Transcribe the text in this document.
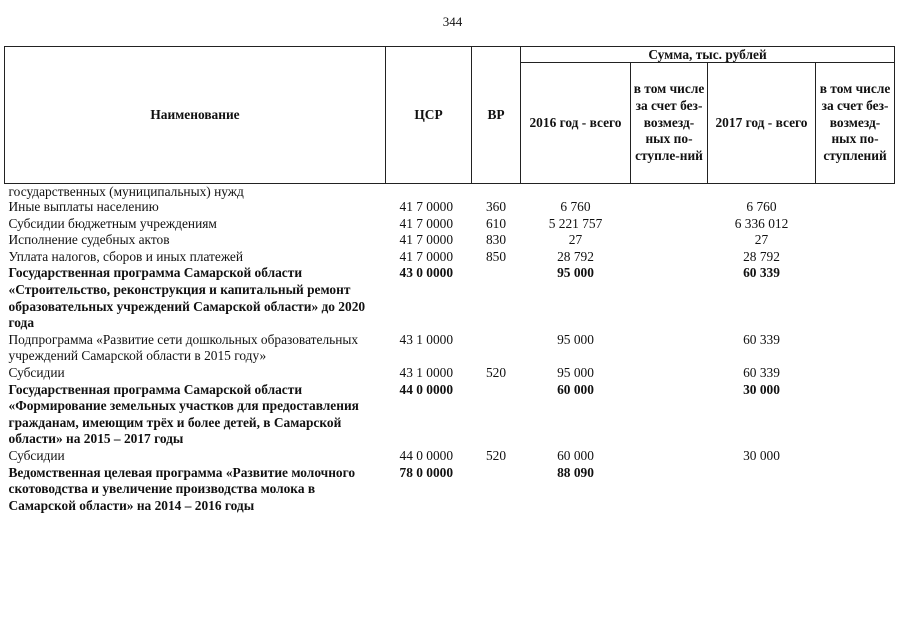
344
Наименование	ЦСР	ВР	Сумма, тыс. рублей			
			2016 год - всего	в том числе за счет без-возмезд-ных по-ступле-ний	2017 год - всего	в том числе за счет без-возмезд-ных по-ступлений
государственных (муниципальных) нужд						
Иные выплаты населению	41 7 0000	360	6 760		6 760	
Субсидии бюджетным учреждениям	41 7 0000	610	5 221 757		6 336 012	
Исполнение судебных актов	41 7 0000	830	27		27	
Уплата налогов, сборов и иных платежей	41 7 0000	850	28 792		28 792	
Государственная программа Самарской области «Строительство, реконструкция и капитальный ремонт образовательных учреждений Самарской области» до 2020 года	43 0 0000		95 000		60 339	
Подпрограмма «Развитие сети дошкольных образовательных учреждений Самарской области в 2015 году»	43 1 0000		95 000		60 339	
Субсидии	43 1 0000	520	95 000		60 339	
Государственная программа Самарской области «Формирование земельных участков для предоставления гражданам, имеющим трёх и более детей, в Самарской области» на 2015 – 2017 годы	44 0 0000		60 000		30 000	
Субсидии	44 0 0000	520	60 000		30 000	
Ведомственная целевая программа «Развитие молочного скотоводства и увеличение производства молока в Самарской области» на 2014 – 2016 годы	78 0 0000		88 090			
